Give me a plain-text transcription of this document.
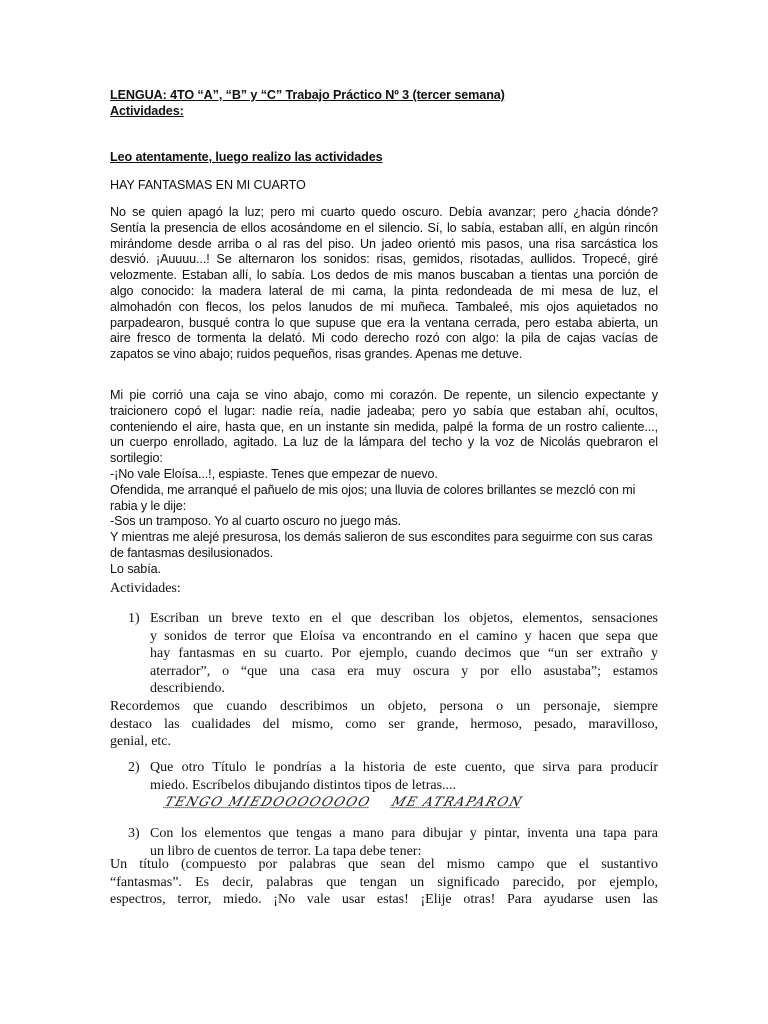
LENGUA: 4TO “A”, “B” y “C” Trabajo Práctico Nº 3 (tercer semana)
Actividades:
Leo atentamente, luego realizo las actividades
HAY FANTASMAS EN MI CUARTO
No se quien apagó la luz; pero mi cuarto quedo oscuro. Debía avanzar; pero ¿hacia dónde?
Sentía la presencia de ellos acosándome en el silencio. Sí, lo sabía, estaban allí, en algún rincón
mirándome desde arriba o al ras del piso. Un jadeo orientó mis pasos, una risa sarcástica los
desvió. ¡Auuuu...! Se alternaron los sonidos: risas, gemidos, risotadas, aullidos. Tropecé, giré
velozmente. Estaban allí, lo sabía. Los dedos de mis manos buscaban a tientas una porción de
algo conocido: la madera lateral de mi cama, la pinta redondeada de mi mesa de luz, el
almohadón con flecos, los pelos lanudos de mi muñeca. Tambaleé, mis ojos aquietados no
parpadearon, busqué contra lo que supuse que era la ventana cerrada, pero estaba abierta, un
aire fresco de tormenta la delató. Mi codo derecho rozó con algo: la pila de cajas vacías de
zapatos se vino abajo; ruidos pequeños, risas grandes. Apenas me detuve.
Mi pie corrió una caja se vino abajo, como mi corazón. De repente, un silencio expectante y
traicionero copó el lugar: nadie reía, nadie jadeaba; pero yo sabía que estaban ahí, ocultos,
conteniendo el aire, hasta que, en un instante sin medida, palpé la forma de un rostro caliente...,
un cuerpo enrollado, agitado. La luz de la lámpara del techo y la voz de Nicolás quebraron el
sortilegio:
-¡No vale Eloísa...!, espiaste. Tenes que empezar de nuevo.
Ofendida, me arranqué el pañuelo de mis ojos; una lluvia de colores brillantes se mezcló con mi
rabia y le dije:
-Sos un tramposo. Yo al cuarto oscuro no juego más.
Y mientras me alejé presurosa, los demás salieron de sus escondites para seguirme con sus caras
de fantasmas desilusionados.
Lo sabía.
Actividades:
1) Escriban un breve texto en el que describan los objetos, elementos, sensaciones
y sonidos de terror que Eloísa va encontrando en el camino y hacen que sepa que
hay fantasmas en su cuarto. Por ejemplo, cuando decimos que “un ser extraño y
aterrador”, o “que una casa era muy oscura y por ello asustaba”; estamos
describiendo.
Recordemos que cuando describimos un objeto, persona o un personaje, siempre
destaco las cualidades del mismo, como ser grande, hermoso, pesado, maravilloso,
genial, etc.
2) Que otro Título le pondrías a la historia de este cuento, que sirva para producir
miedo. Escríbelos dibujando distintos tipos de letras....
TENGO MIEDOOOOOOOO ME ATRAPARON
3) Con los elementos que tengas a mano para dibujar y pintar, inventa una tapa para
un libro de cuentos de terror. La tapa debe tener:
Un título (compuesto por palabras que sean del mismo campo que el sustantivo
“fantasmas”. Es decir, palabras que tengan un significado parecido, por ejemplo,
espectros, terror, miedo. ¡No vale usar estas! ¡Elije otras! Para ayudarse usen las
